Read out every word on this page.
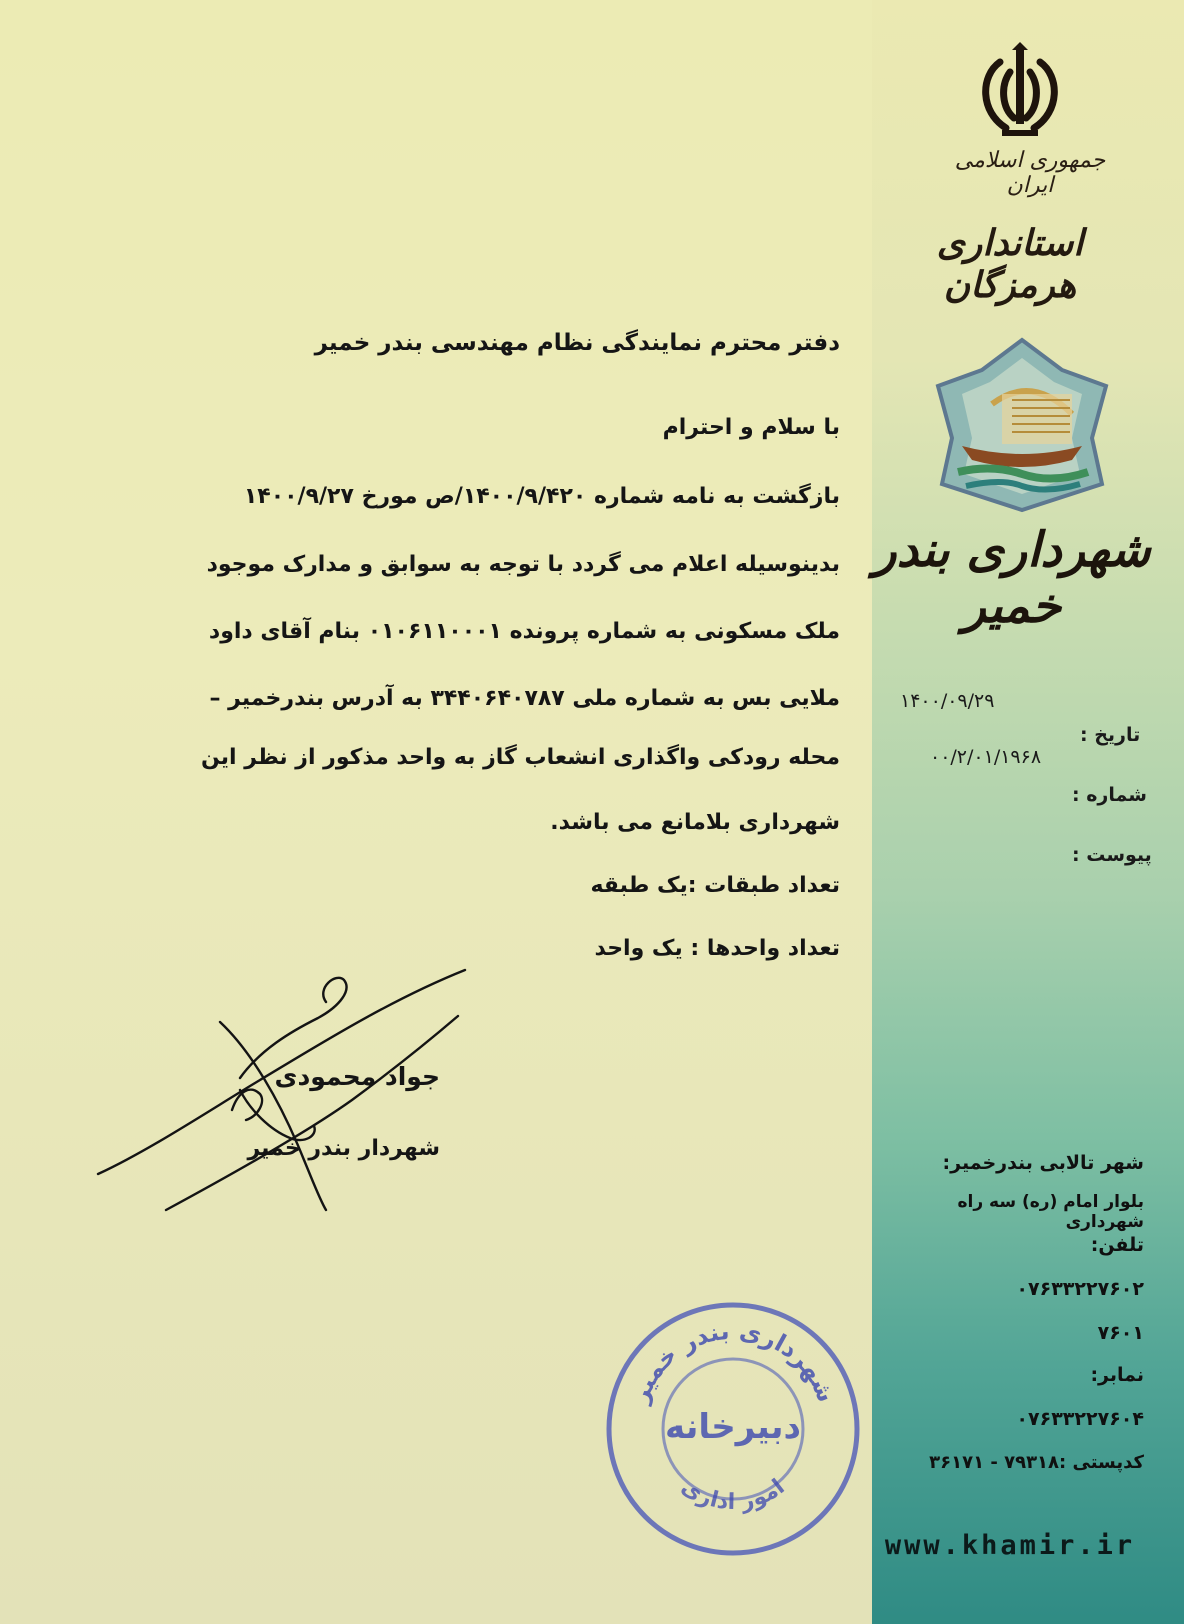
جمهوری اسلامی ایران
استانداری هرمزگان
شهرداری بندر خمیر
۱۴۰۰/۰۹/۲۹
تاریخ :
۰۰/۲/۰۱/۱۹۶۸
شماره :
پیوست :
دفتر محترم نمایندگی نظام مهندسی بندر خمیر
با سلام و احترام
بازگشت به نامه شماره ۱۴۰۰/۹/۴۲۰/ص مورخ ۱۴۰۰/۹/۲۷
بدینوسیله اعلام می گردد با توجه به سوابق و مدارک موجود
ملک مسکونی به شماره پرونده ۰۱۰۶۱۱۰۰۰۱ بنام آقای داود
ملایی بس به شماره ملی ۳۴۴۰۶۴۰۷۸۷ به آدرس بندرخمیر –
محله رودکی واگذاری انشعاب گاز به واحد مذکور از نظر این
شهرداری بلامانع می باشد.
تعداد طبقات :یک طبقه
تعداد واحدها : یک واحد
جواد محمودی
شهردار بندر خمیر
شهرداری بندر خمیر
دبیرخانه
امور اداری
شهر تالابی بندرخمیر:
بلوار امام (ره) سه راه شهرداری
تلفن:
۰۷۶۳۳۲۲۷۶۰۲
۷۶۰۱
نمابر:
۰۷۶۳۳۲۲۷۶۰۴
کدپستی :۷۹۳۱۸ - ۳۶۱۷۱
www.khamir.ir
